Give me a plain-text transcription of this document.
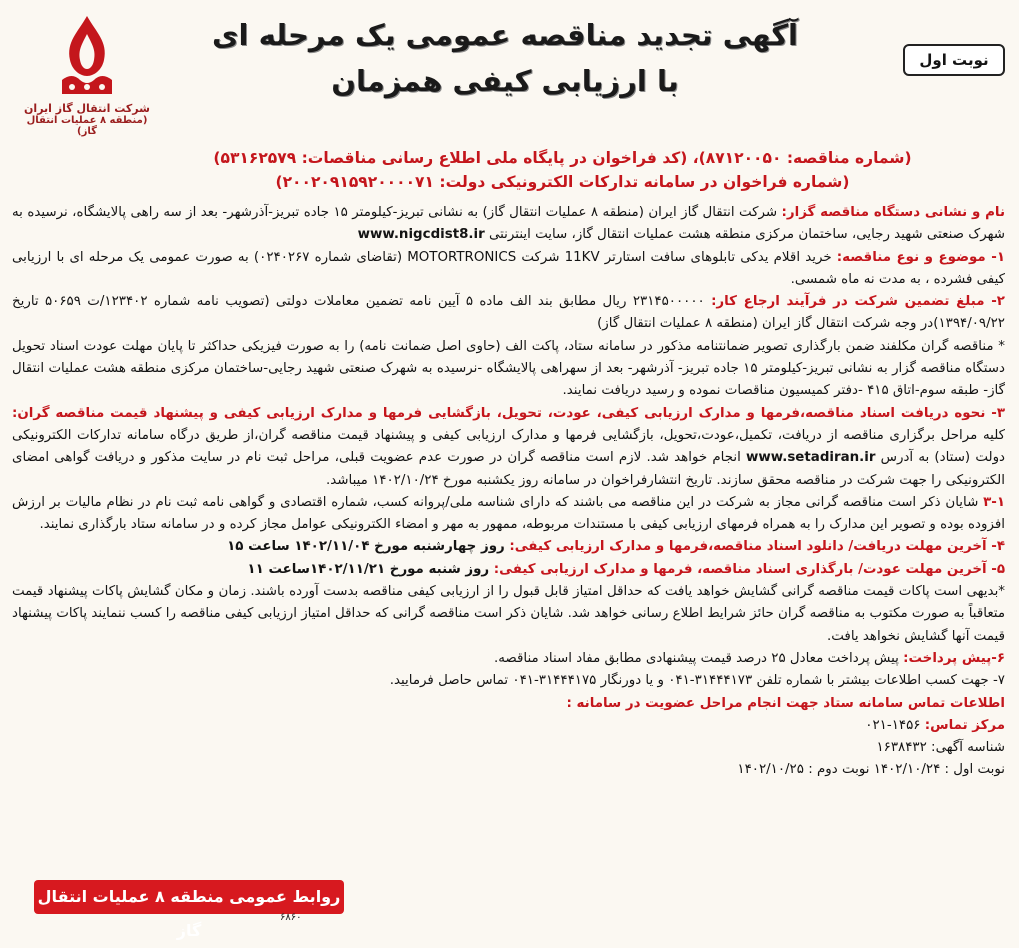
شرکت انتقال گاز ایران
(منطقه ۸ عملیات انتقال گاز)
آگهی تجدید مناقصه عمومی یک مرحله ای
با ارزیابی کیفی همزمان
نوبت اول
(شماره مناقصه: ۸۷۱۲۰۰۵۰)، (کد فراخوان در پایگاه ملی اطلاع رسانی مناقصات: ۵۳۱۶۲۵۷۹)
(شماره فراخوان در سامانه تدارکات الکترونیکی دولت: ۲۰۰۲۰۹۱۵۹۲۰۰۰۰۷۱)

نام و نشانی دستگاه مناقصه گزار: شرکت انتقال گاز ایران (منطقه ۸ عملیات انتقال گاز) به نشانی تبریز-کیلومتر ۱۵ جاده تبریز-آذرشهر- بعد از سه راهی پالایشگاه، نرسیده به شهرک صنعتی شهید رجایی، ساختمان مرکزی منطقه هشت عملیات انتقال گاز، سایت اینترنتی www.nigcdist8.ir

۱- موضوع و نوع مناقصه: خرید اقلام یدکی تابلوهای سافت استارتر 11KV شرکت MOTORTRONICS (تقاضای شماره ۰۲۴۰۲۶۷) به صورت عمومی یک مرحله ای با ارزیابی کیفی فشرده ، به مدت نه ماه شمسی.

۲- مبلغ تضمین شرکت در فرآیند ارجاع کار: ۲۳۱۴۵۰۰۰۰۰ ریال مطابق بند الف ماده ۵ آیین نامه تضمین معاملات دولتی (تصویب نامه شماره ۱۲۳۴۰۲/ت ۵۰۶۵۹ تاریخ ۱۳۹۴/۰۹/۲۲)در وجه شرکت انتقال گاز ایران (منطقه ۸ عملیات انتقال گاز)

* مناقصه گران مکلفند ضمن بارگذاری تصویر ضمانتنامه مذکور در سامانه ستاد، پاکت الف (حاوی اصل ضمانت نامه) را به صورت فیزیکی حداکثر تا پایان مهلت عودت اسناد تحویل دستگاه مناقصه گزار به نشانی تبریز-کیلومتر ۱۵ جاده تبریز- آذرشهر- بعد از سهراهی پالایشگاه -نرسیده به شهرک صنعتی شهید رجایی-ساختمان مرکزی منطقه هشت عملیات انتقال گاز- طبقه سوم-اتاق ۴۱۵ -دفتر کمیسیون مناقصات نموده و رسید دریافت نمایند.

۳- نحوه دریافت اسناد مناقصه،فرمها و مدارک ارزیابی کیفی، عودت، تحویل، بازگشایی فرمها و مدارک ارزیابی کیفی و پیشنهاد قیمت مناقصه گران: کلیه مراحل برگزاری مناقصه از دریافت، تکمیل،عودت،تحویل، بازگشایی فرمها و مدارک ارزیابی کیفی و پیشنهاد قیمت مناقصه گران،از طریق درگاه سامانه تدارکات الکترونیکی دولت (ستاد) به آدرس www.setadiran.ir انجام خواهد شد. لازم است مناقصه گران در صورت عدم عضویت قبلی، مراحل ثبت نام در سایت مذکور و دریافت گواهی امضای الکترونیکی را جهت شرکت در مناقصه محقق سازند. تاریخ انتشارفراخوان در سامانه روز یکشنبه مورخ ۱۴۰۲/۱۰/۲۴ میباشد.

۳-۱ شایان ذکر است مناقصه گرانی مجاز به شرکت در این مناقصه می باشند که دارای شناسه ملی/پروانه کسب، شماره اقتصادی و گواهی نامه ثبت نام در نظام مالیات بر ارزش افزوده بوده و تصویر این مدارک را به همراه فرمهای ارزیابی کیفی با مستندات مربوطه، ممهور به مهر و امضاء الکترونیکی عوامل مجاز کرده و در سامانه ستاد بارگذاری نمایند.

۴- آخرین مهلت دریافت/ دانلود اسناد مناقصه،فرمها و مدارک ارزیابی کیفی: روز چهارشنبه مورخ ۱۴۰۲/۱۱/۰۴ ساعت ۱۵

۵- آخرین مهلت عودت/ بارگذاری اسناد مناقصه، فرمها و مدارک ارزیابی کیفی: روز شنبه مورخ ۱۴۰۲/۱۱/۲۱ساعت ۱۱

*بدیهی است پاکات قیمت مناقصه گرانی گشایش خواهد یافت که حداقل امتیاز قابل قبول را از ارزیابی کیفی مناقصه بدست آورده باشند. زمان و مکان گشایش پاکات پیشنهاد قیمت متعاقباً به صورت مکتوب به مناقصه گران حائز شرایط اطلاع رسانی خواهد شد. شایان ذکر است مناقصه گرانی که حداقل امتیاز ارزیابی کیفی مناقصه را کسب ننمایند پاکات پیشنهاد قیمت آنها گشایش نخواهد یافت.

۶-پیش پرداخت: پیش پرداخت معادل ۲۵ درصد قیمت پیشنهادی مطابق مفاد اسناد مناقصه.

۷- جهت کسب اطلاعات بیشتر با شماره تلفن ۳۱۴۴۴۱۷۳-۰۴۱ و یا دورنگار ۳۱۴۴۴۱۷۵-۰۴۱ تماس حاصل فرمایید.

اطلاعات تماس سامانه ستاد جهت انجام مراحل عضویت در سامانه :

مرکز تماس: ۱۴۵۶-۰۲۱

شناسه آگهی: ۱۶۳۸۴۳۲

نوبت اول : ۱۴۰۲/۱۰/۲۴ نوبت دوم : ۱۴۰۲/۱۰/۲۵

روابط عمومی منطقه ۸ عملیات انتقال گاز
۶۸۶۰
